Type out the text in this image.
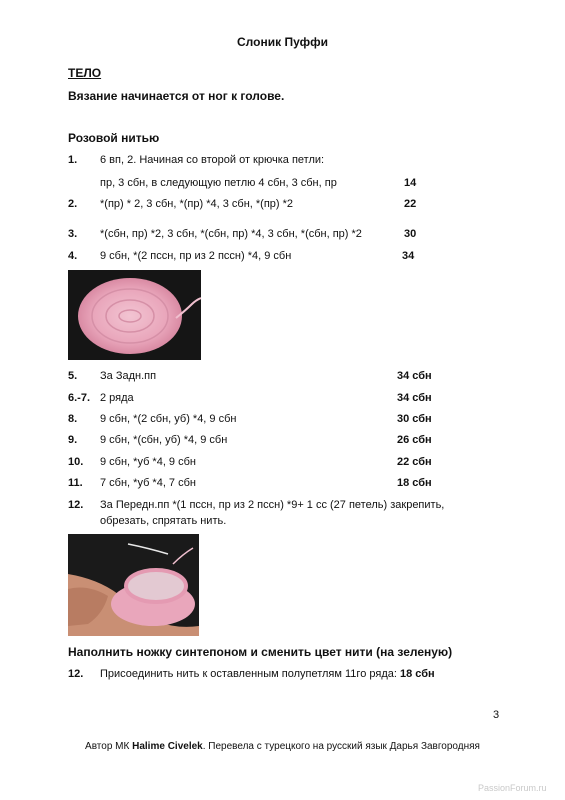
Слоник Пуффи
ТЕЛО
Вязание начинается от ног к голове.
Розовой нитью
1. 6 вп, 2. Начиная со второй от крючка петли:
пр, 3 сбн, в следующую петлю 4 сбн, 3 сбн, пр	14
2. *(пр) * 2, 3 сбн, *(пр) *4, 3 сбн, *(пр) *2	22
3. *(сбн, пр) *2, 3 сбн, *(сбн, пр) *4, 3 сбн, *(сбн, пр) *2	30
4. 9 сбн, *(2 пссн, пр из 2 пссн) *4, 9 сбн	34
5. За Задн.пп	34 сбн
6.-7. 2 ряда	34 сбн
8. 9 сбн, *(2 сбн, уб) *4, 9 сбн	30 сбн
9. 9 сбн, *(сбн, уб) *4, 9 сбн	26 сбн
10. 9 сбн, *уб *4, 9 сбн	22 сбн
11. 7 сбн, *уб *4, 7 сбн	18 сбн
12. За Передн.пп *(1 пссн, пр из 2 пссн) *9+ 1 сс (27 петель) закрепить,
обрезать, спрятать нить.
Наполнить ножку синтепоном и сменить цвет нити (на зеленую)
12. Присоединить нить к оставленным полупетлям 11го ряда: 18 сбн
3
Автор МК Halime Civelek. Перевела с турецкого на русский язык Дарья Завгородняя
PassionForum.ru
